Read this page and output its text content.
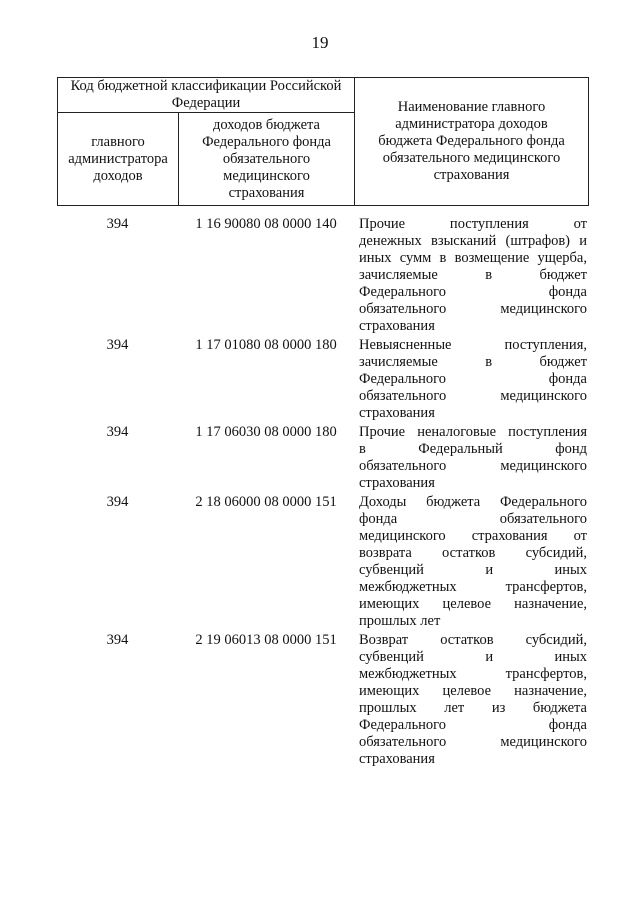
19
Код бюджетной классификации Российской Федерации		Наименование главного администратора доходов бюджета Федерального фонда обязательного медицинского страхования
главного администратора доходов	доходов бюджета Федерального фонда обязательного медицинского страхования	
394	1 16 90080 08 0000 140	Прочие поступления от
денежных взысканий (штрафов) и
иных сумм в возмещение ущерба,
зачисляемые в бюджет
Федерального фонда
обязательного медицинского
страхования
394	1 17 01080 08 0000 180	Невыясненные поступления,
зачисляемые в бюджет
Федерального фонда
обязательного медицинского
страхования
394	1 17 06030 08 0000 180	Прочие неналоговые поступления
в Федеральный фонд
обязательного медицинского
страхования
394	2 18 06000 08 0000 151	Доходы бюджета Федерального
фонда обязательного
медицинского страхования от
возврата остатков субсидий,
субвенций и иных
межбюджетных трансфертов,
имеющих целевое назначение,
прошлых лет
394	2 19 06013 08 0000 151	Возврат остатков субсидий,
субвенций и иных
межбюджетных трансфертов,
имеющих целевое назначение,
прошлых лет из бюджета
Федерального фонда
обязательного медицинского
страхования
